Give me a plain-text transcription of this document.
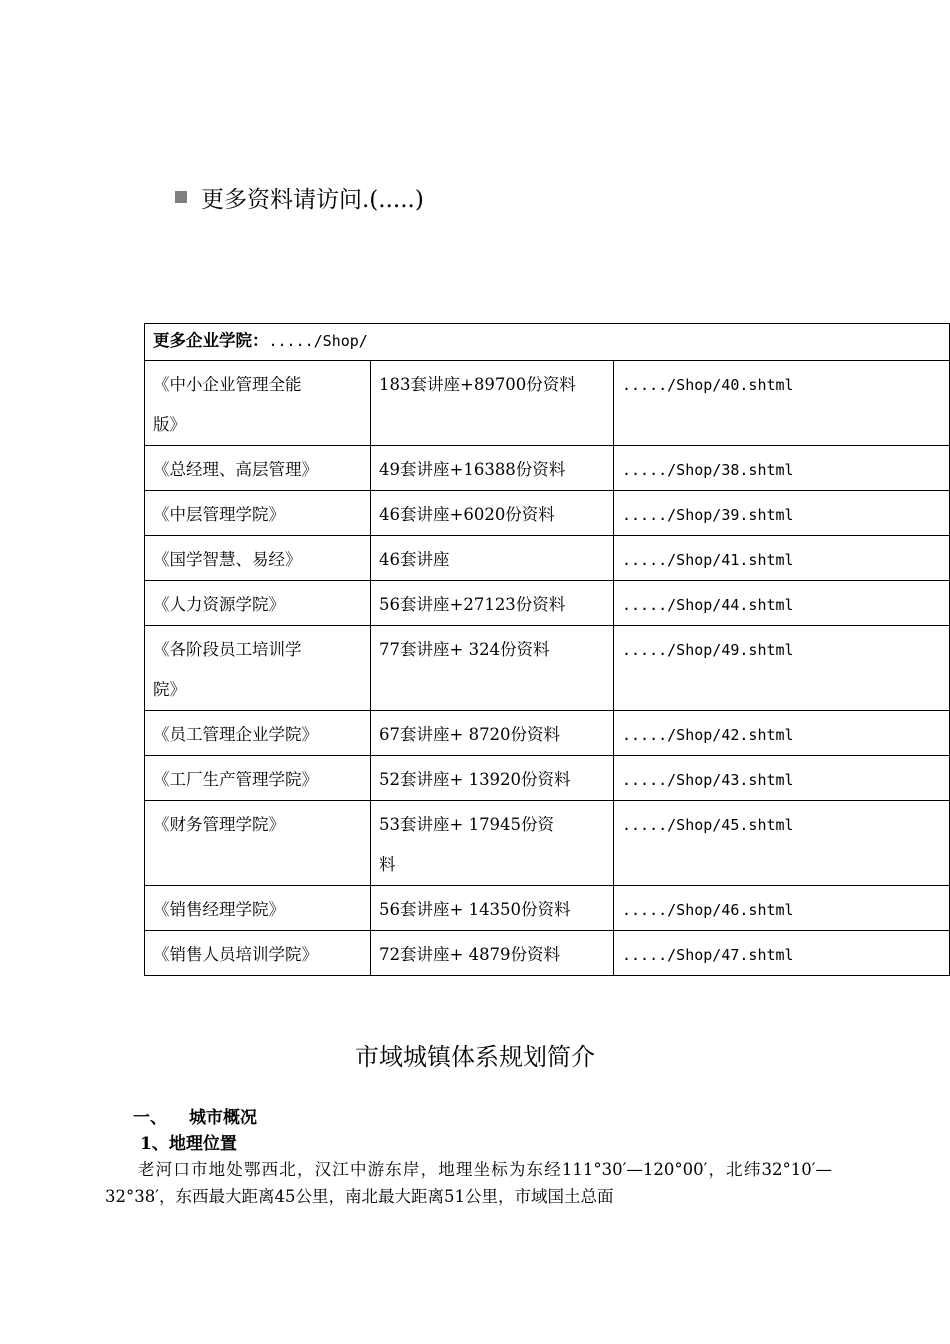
更多资料请访问.(.....)
更多企业学院：...../Shop/		

《中小企业管理全能
版》	183套讲座+89700份资料	...../Shop/40.shtml
《总经理、高层管理》	49套讲座+16388份资料	...../Shop/38.shtml
《中层管理学院》	46套讲座+6020份资料	...../Shop/39.shtml
《国学智慧、易经》	46套讲座	...../Shop/41.shtml
《人力资源学院》	56套讲座+27123份资料	...../Shop/44.shtml

《各阶段员工培训学
院》	77套讲座+ 324份资料	...../Shop/49.shtml
《员工管理企业学院》	67套讲座+ 8720份资料	...../Shop/42.shtml
《工厂生产管理学院》	52套讲座+ 13920份资料	...../Shop/43.shtml
《财务管理学院》	53套讲座+ 17945份资
料	...../Shop/45.shtml
《销售经理学院》	56套讲座+ 14350份资料	...../Shop/46.shtml
《销售人员培训学院》	72套讲座+ 4879份资料	...../Shop/47.shtml
市域城镇体系规划简介
一、 城市概况
1、地理位置
老河口市地处鄂西北，汉江中游东岸，地理坐标为东经111°30′—120°00′，北纬32°10′—32°38′，东西最大距离45公里，南北最大距离51公里，市域国土总面
